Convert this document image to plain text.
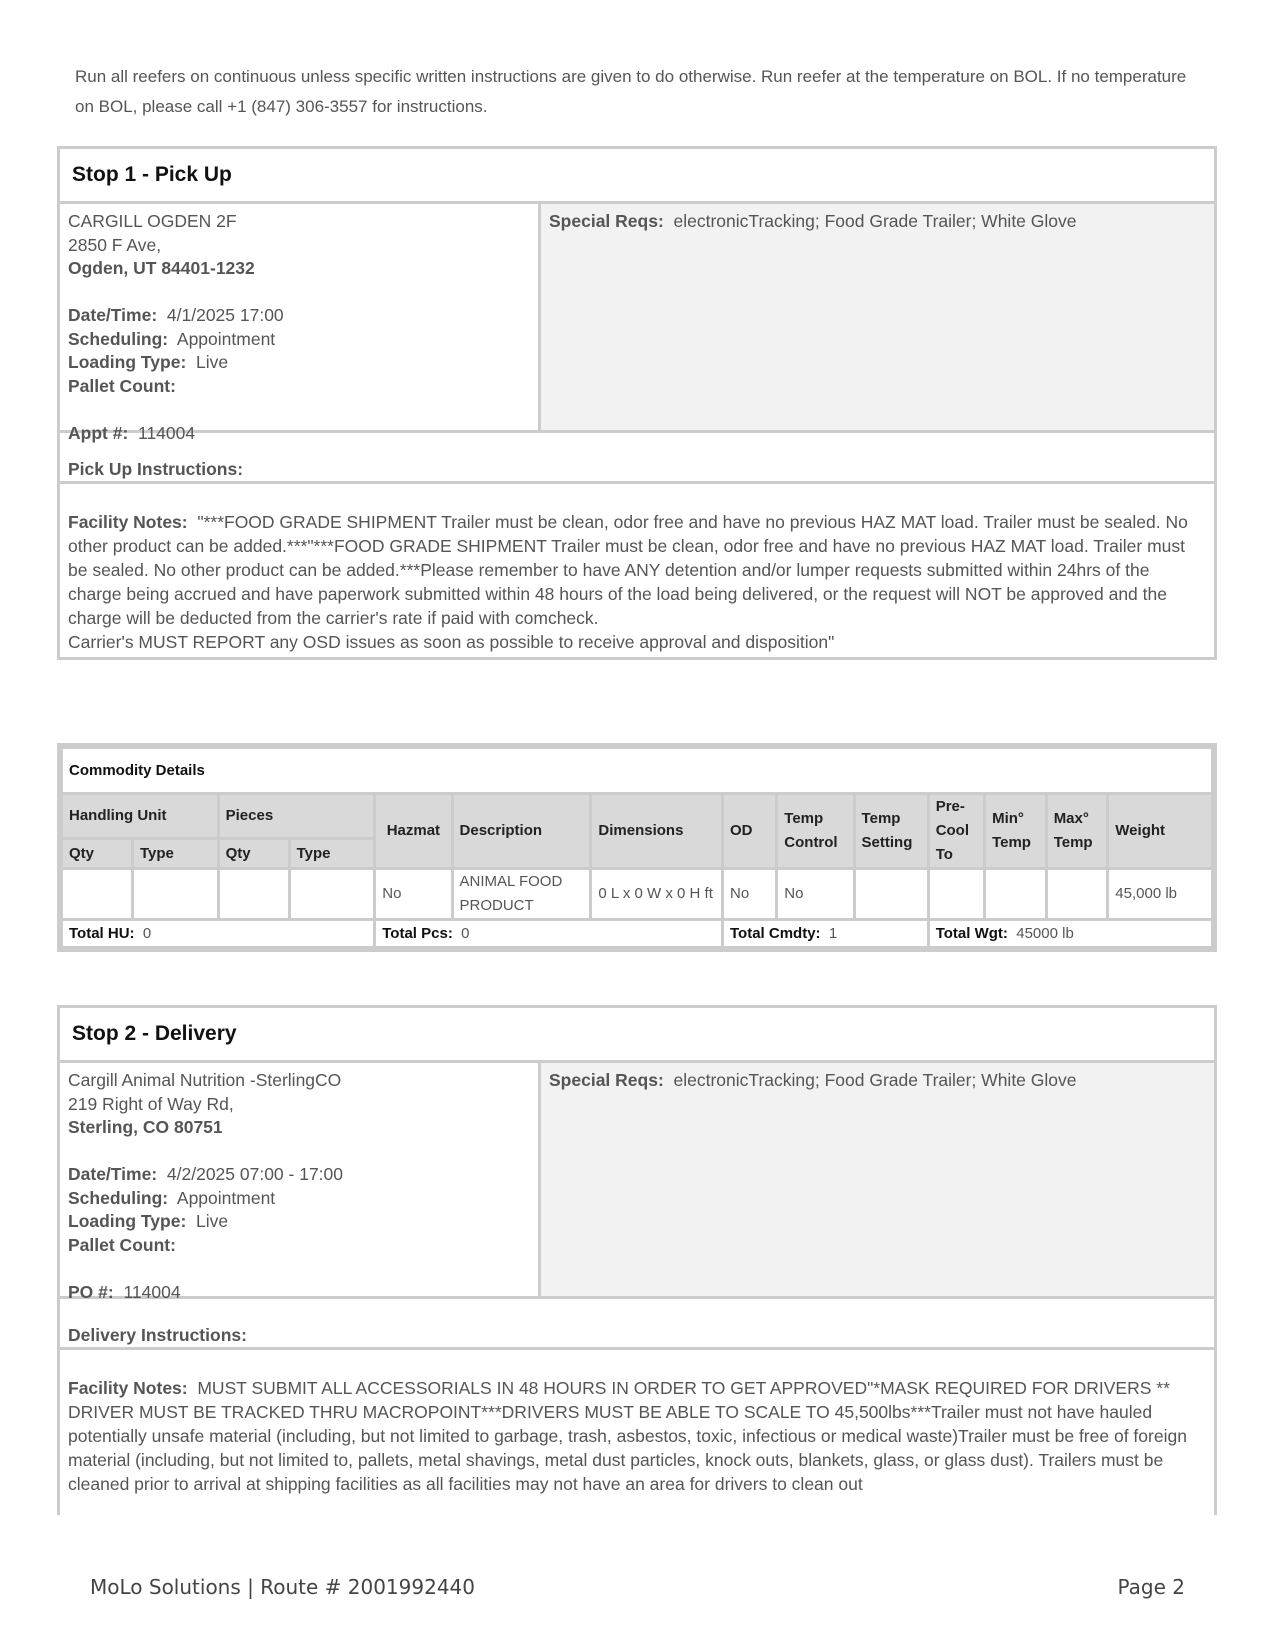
Run all reefers on continuous unless specific written instructions are given to do otherwise. Run reefer at the temperature on BOL. If no temperature on BOL, please call +1 (847) 306-3557 for instructions.
Stop 1 - Pick Up
CARGILL OGDEN 2F
2850 F Ave,
Ogden, UT 84401-1232
Date/Time: 4/1/2025 17:00
Scheduling: Appointment
Loading Type: Live
Pallet Count:
Appt #: 114004
Special Reqs: electronicTracking; Food Grade Trailer; White Glove
Pick Up Instructions:
Facility Notes: "***FOOD GRADE SHIPMENT Trailer must be clean, odor free and have no previous HAZ MAT load. Trailer must be sealed. No other product can be added.***"***FOOD GRADE SHIPMENT Trailer must be clean, odor free and have no previous HAZ MAT load. Trailer must be sealed. No other product can be added.***Please remember to have ANY detention and/or lumper requests submitted within 24hrs of the charge being accrued and have paperwork submitted within 48 hours of the load being delivered, or the request will NOT be approved and the charge will be deducted from the carrier's rate if paid with comcheck.
Carrier's MUST REPORT any OSD issues as soon as possible to receive approval and disposition"
Commodity Details													
Handling Unit		Pieces		Hazmat	Description	Dimensions	OD	Temp Control	Temp Setting	Pre-Cool To	Min° Temp	Max° Temp	Weight
Qty	Type	Qty	Type										
				No	ANIMAL FOOD PRODUCT	0 L x 0 W x 0 H ft	No	No					45,000 lb
Total HU: 0				Total Pcs: 0			Total Cmdty: 1			Total Wgt: 45000 lb			
Stop 2 - Delivery
Cargill Animal Nutrition -SterlingCO
219 Right of Way Rd,
Sterling, CO 80751
Date/Time: 4/2/2025 07:00 - 17:00
Scheduling: Appointment
Loading Type: Live
Pallet Count:
PO #: 114004
Special Reqs: electronicTracking; Food Grade Trailer; White Glove
Delivery Instructions:
Facility Notes: MUST SUBMIT ALL ACCESSORIALS IN 48 HOURS IN ORDER TO GET APPROVED"*MASK REQUIRED FOR DRIVERS ** DRIVER MUST BE TRACKED THRU MACROPOINT***DRIVERS MUST BE ABLE TO SCALE TO 45,500lbs***Trailer must not have hauled potentially unsafe material (including, but not limited to garbage, trash, asbestos, toxic, infectious or medical waste)Trailer must be free of foreign material (including, but not limited to, pallets, metal shavings, metal dust particles, knock outs, blankets, glass, or glass dust). Trailers must be cleaned prior to arrival at shipping facilities as all facilities may not have an area for drivers to clean out
MoLo Solutions | Route # 2001992440	Page 2
